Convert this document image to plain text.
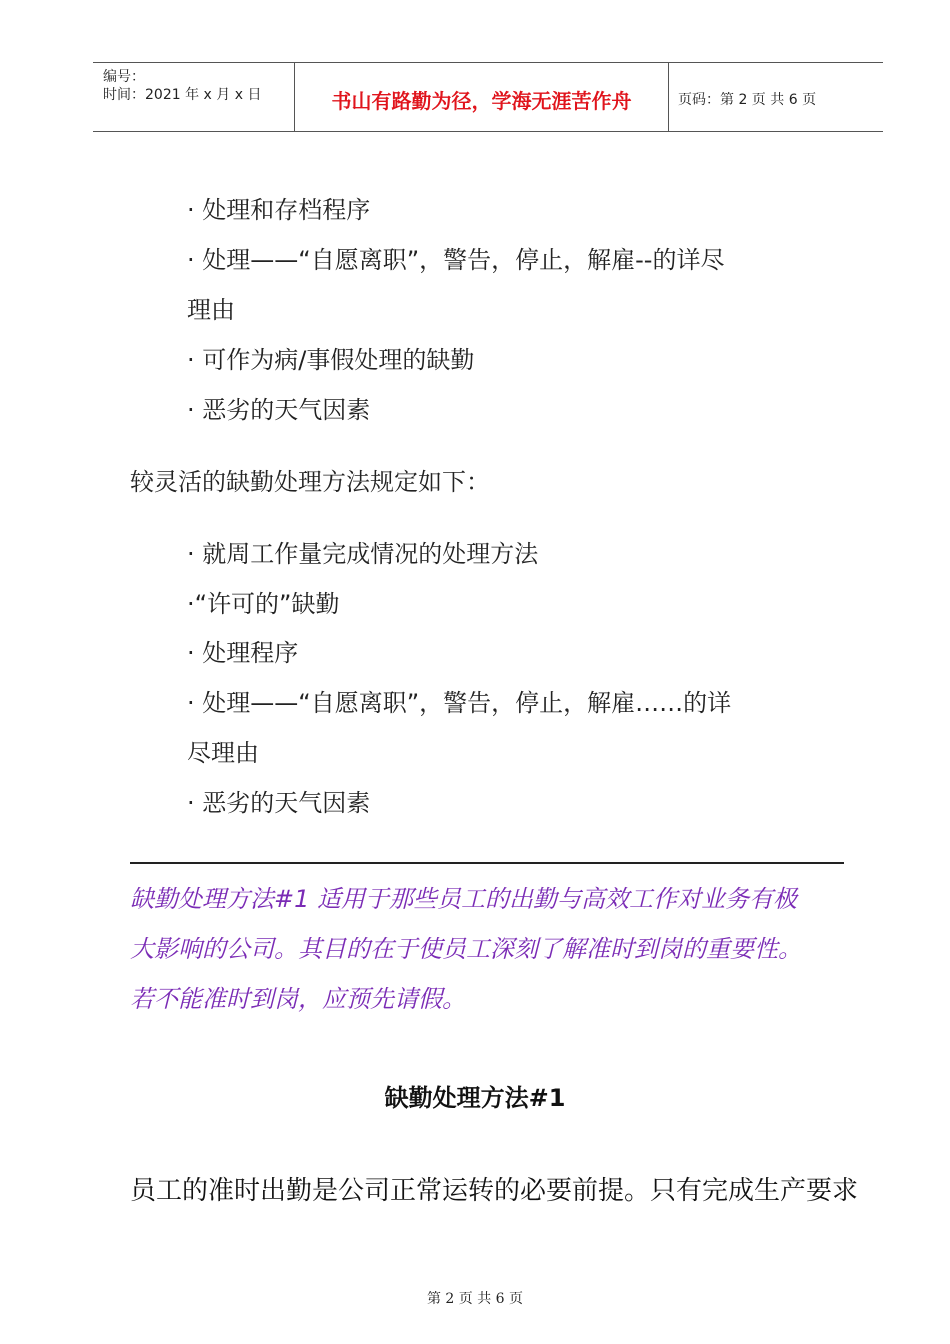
编号：
时间：2021 年 x 月 x 日	书山有路勤为径，学海无涯苦作舟	页码：第 2 页 共 6 页
· 处理和存档程序
· 处理——“自愿离职”，警告，停止，解雇--的详尽
理由
· 可作为病/事假处理的缺勤
· 恶劣的天气因素
较灵活的缺勤处理方法规定如下：
· 就周工作量完成情况的处理方法
·“许可的”缺勤
· 处理程序
· 处理——“自愿离职”，警告，停止，解雇……的详
尽理由
· 恶劣的天气因素
缺勤处理方法#1 适用于那些员工的出勤与高效工作对业务有极
大影响的公司。其目的在于使员工深刻了解准时到岗的重要性。
若不能准时到岗，应预先请假。
缺勤处理方法#1
员工的准时出勤是公司正常运转的必要前提。只有完成生产要求
第 2 页 共 6 页
